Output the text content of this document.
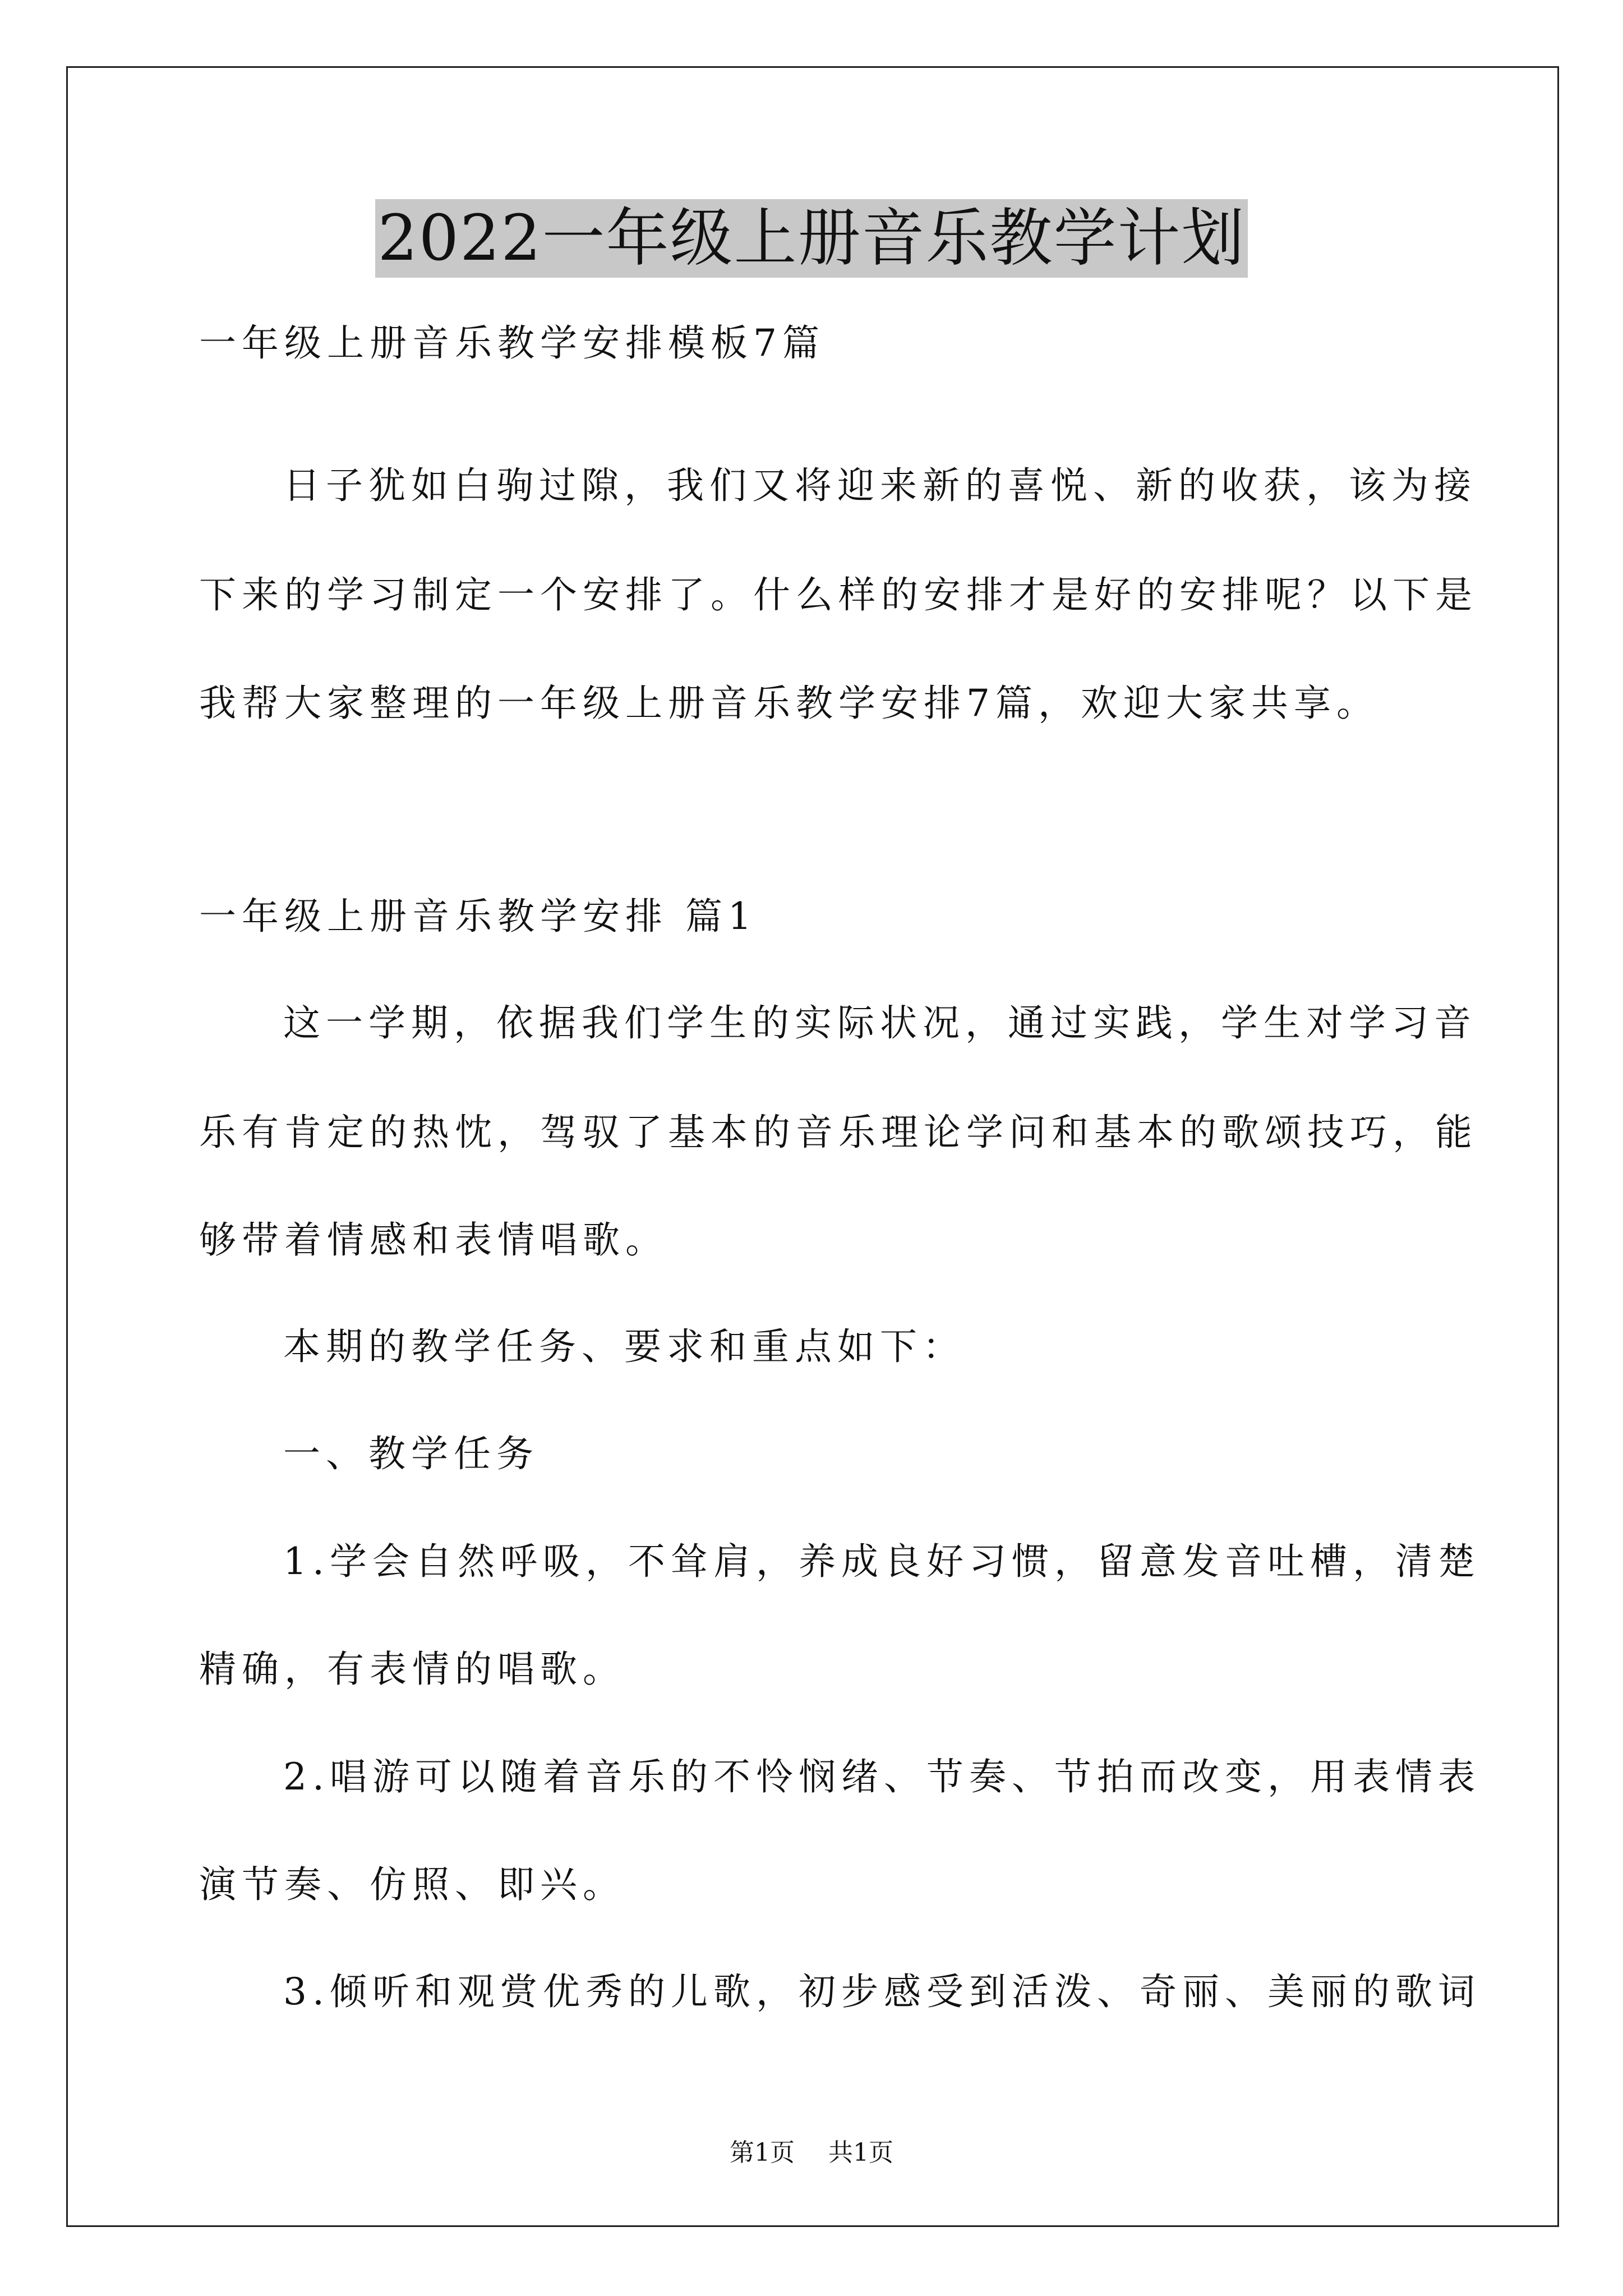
2022一年级上册音乐教学计划
一年级上册音乐教学安排模板7篇
日子犹如白驹过隙，我们又将迎来新的喜悦、新的收获，该为接
下来的学习制定一个安排了。什么样的安排才是好的安排呢？以下是
我帮大家整理的一年级上册音乐教学安排7篇，欢迎大家共享。
一年级上册音乐教学安排 篇1
这一学期，依据我们学生的实际状况，通过实践，学生对学习音
乐有肯定的热忱，驾驭了基本的音乐理论学问和基本的歌颂技巧，能
够带着情感和表情唱歌。
本期的教学任务、要求和重点如下：
一、教学任务
1.学会自然呼吸，不耸肩，养成良好习惯，留意发音吐槽，清楚
精确，有表情的唱歌。
2.唱游可以随着音乐的不怜悯绪、节奏、节拍而改变，用表情表
演节奏、仿照、即兴。
3.倾听和观赏优秀的儿歌，初步感受到活泼、奇丽、美丽的歌词
第1页 共1页
